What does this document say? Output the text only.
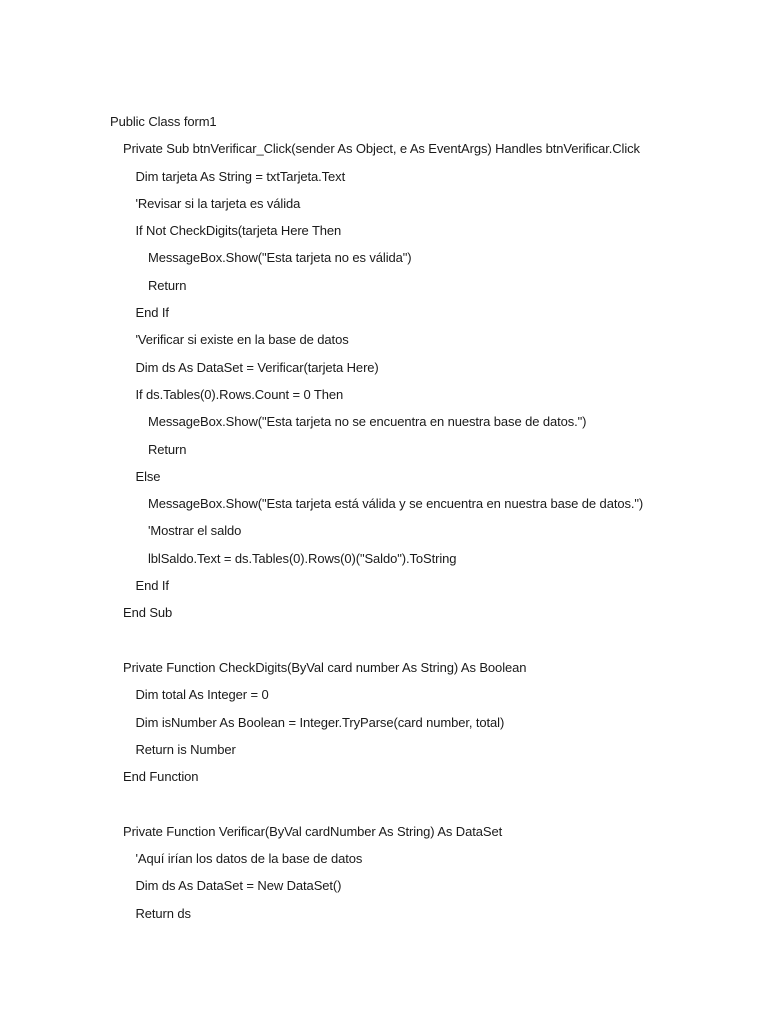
Public Class form1
Private Sub btnVerificar_Click(sender As Object, e As EventArgs) Handles btnVerificar.Click
Dim tarjeta As String = txtTarjeta.Text
'Revisar si la tarjeta es válida
If Not CheckDigits(tarjeta Here Then
MessageBox.Show("Esta tarjeta no es válida")
Return
End If
'Verificar si existe en la base de datos
Dim ds As DataSet = Verificar(tarjeta Here)
If ds.Tables(0).Rows.Count = 0 Then
MessageBox.Show("Esta tarjeta no se encuentra en nuestra base de datos.")
Return
Else
MessageBox.Show("Esta tarjeta está válida y se encuentra en nuestra base de datos.")
'Mostrar el saldo
lblSaldo.Text = ds.Tables(0).Rows(0)("Saldo").ToString
End If
End Sub
Private Function CheckDigits(ByVal card number As String) As Boolean
Dim total As Integer = 0
Dim isNumber As Boolean = Integer.TryParse(card number, total)
Return is Number
End Function
Private Function Verificar(ByVal cardNumber As String) As DataSet
'Aquí irían los datos de la base de datos
Dim ds As DataSet = New DataSet()
Return ds
